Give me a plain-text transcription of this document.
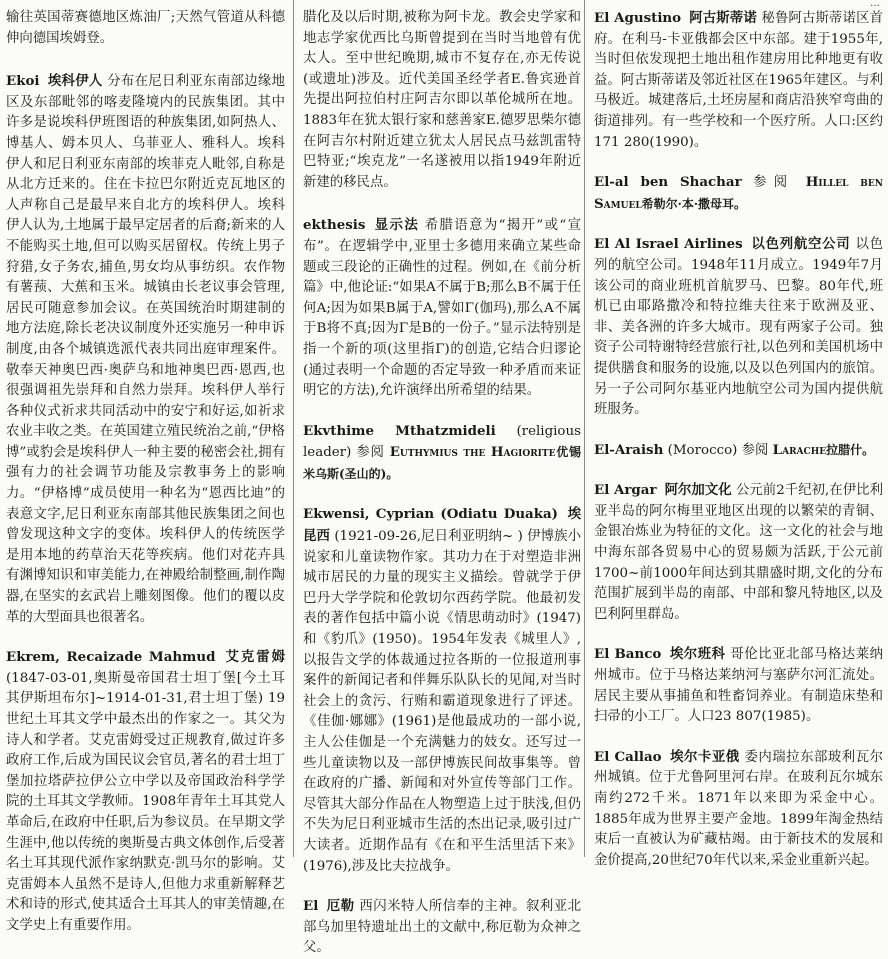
…

输往英国蒂赛德地区炼油厂;天然气管道从科德伸向德国埃姆登。

Ekoi 埃科伊人 分布在尼日利亚东南部边缘地区及东部毗邻的喀麦隆境内的民族集团。其中许多是说埃科伊班图语的种族集团,如阿热人、博基人、姆本贝人、乌菲亚人、雅科人。埃科伊人和尼日利亚东南部的埃菲克人毗邻,自称是从北方迁来的。住在卡拉巴尔附近克瓦地区的人声称自己是最早来自北方的埃科伊人。埃科伊人认为,土地属于最早定居者的后裔;新来的人不能购买土地,但可以购买居留权。传统上男子狩猎,女子务农,捕鱼,男女均从事纺织。农作物有薯蓣、大蕉和玉米。城镇由长老议事会管理,居民可随意参加会议。在英国统治时期建制的地方法庭,除长老决议制度外还实施另一种申诉制度,由各个城镇选派代表共同出庭审理案件。敬奉天神奥巴西·奥萨乌和地神奥巴西·恩西,也很强调祖先崇拜和自然力崇拜。埃科伊人举行各种仪式祈求共同活动中的安宁和好运,如祈求农业丰收之类。在英国建立殖民统治之前,“伊格博”或豹会是埃科伊人一种主要的秘密会社,拥有强有力的社会调节功能及宗教事务上的影响力。“伊格博”成员使用一种名为“恩西比迪”的表意文字,尼日利亚东南部其他民族集团之间也曾发现这种文字的变体。埃科伊人的传统医学是用本地的药草治天花等疾病。他们对花卉具有渊博知识和审美能力,在神殿给制整画,制作陶器,在坚实的玄武岩上雕刻图像。他们的覆以皮革的大型面具也很著名。

Ekrem, Recaizade Mahmud 艾克雷姆 (1847-03-01,奥斯曼帝国君士坦丁堡[今土耳其伊斯坦布尔]~1914-01-31,君士坦丁堡) 19世纪土耳其文学中最杰出的作家之一。其父为诗人和学者。艾克雷姆受过正规教育,做过许多政府工作,后成为国民议会官员,著名的君士坦丁堡加拉塔萨拉伊公立中学以及帝国政治科学学院的土耳其文学教师。1908年青年土耳其党人革命后,在政府中任职,后为参议员。在早期文学生涯中,他以传统的奥斯曼古典文体创作,后受著名土耳其现代派作家纳默克·凯马尔的影响。艾克雷姆本人虽然不是诗人,但他力求重新解释艺术和诗的形式,使其适合土耳其人的审美情趣,在文学史上有重要作用。

腊化及以后时期,被称为阿卡龙。教会史学家和地志学家优西比乌斯曾提到在当时当地曾有优太人。至中世纪晚期,城市不复存在,亦无传说(或遗址)涉及。近代美国圣经学者E.鲁宾逊首先提出阿拉伯村庄阿吉尔即以革伦城所在地。1883年在犹太银行家和慈善家E.德罗思柴尔德在阿吉尔村附近建立犹太人居民点马兹凯雷特巴特亚;“埃克龙”一名遂被用以指1949年附近新建的移民点。

ekthesis 显示法 希腊语意为“揭开”或“宣布”。在逻辑学中,亚里士多德用来确立某些命题或三段论的正确性的过程。例如,在《前分析篇》中,他论证:“如果A不属于B;那么B不属于任何A;因为如果B属于A,譬如Γ(伽玛),那么A不属于B将不真;因为Γ是B的一份子。”显示法特别是指一个新的项(这里指Γ)的创造,它结合归谬论(通过表明一个命题的否定导致一种矛盾而来证明它的方法),允许演绎出所希望的结果。

Ekvthime Mthatzmideli (religious leader) 参阅 Euthymius the Hagiorite优锡米乌斯(圣山的)。

Ekwensi, Cyprian (Odiatu Duaka) 埃昆西 (1921-09-26,尼日利亚明纳~ ) 伊博族小说家和儿童读物作家。其功力在于对塑造非洲城市居民的力量的现实主义描绘。曾就学于伊巴丹大学学院和伦敦切尔西药学院。他最初发表的著作包括中篇小说《情思萌动时》(1947)和《豹爪》(1950)。1954年发表《城里人》,以报告文学的体裁通过拉各斯的一位报道刑事案件的新闻记者和伴舞乐队队长的见闻,对当时社会上的贪污、行贿和霸道现象进行了评述。《佳伽·娜娜》(1961)是他最成功的一部小说,主人公佳伽是一个充满魅力的妓女。还写过一些儿童读物以及一部伊博族民间故事集等。曾在政府的广播、新闻和对外宣传等部门工作。尽管其大部分作品在人物塑造上过于肤浅,但仍不失为尼日利亚城市生活的杰出记录,吸引过广大读者。近期作品有《在和平生活里活下来》(1976),涉及比夫拉战争。

El 厄勒 西闪米特人所信奉的主神。叙利亚北部乌加里特遗址出土的文献中,称厄勒为众神之父。

El Agustino 阿古斯蒂诺 秘鲁阿古斯蒂诺区首府。在利马-卡亚俄都会区中东部。建于1955年,当时但依发现把土地出租作建房用比种地更有收益。阿古斯蒂诺及邻近社区在1965年建区。与利马极近。城建落后,土坯房屋和商店沿狭窄弯曲的街道排列。有一些学校和一个医疗所。人口:区约171 280(1990)。

El-al ben Shachar 参阅 Hillel ben Samuel希勒尔·本·撒母耳。

El Al Israel Airlines 以色列航空公司 以色列的航空公司。1948年11月成立。1949年7月该公司的商业班机首航罗马、巴黎。80年代,班机已由耶路撒冷和特拉维夫往来于欧洲及亚、非、美各洲的许多大城市。现有两家子公司。独资子公司特谢特经营旅行社,以色列和美国机场中提供膳食和服务的设施,以及以色列国内的旅馆。另一子公司阿尔基亚内地航空公司为国内提供航班服务。

El-Araish (Morocco) 参阅 Larache拉腊什。

El Argar 阿尔加文化 公元前2千纪初,在伊比利亚半岛的阿尔梅里亚地区出现的以繁荣的青铜、金银冶炼业为特征的文化。这一文化的社会与地中海东部各贸易中心的贸易颇为活跃,于公元前1700~前1000年间达到其鼎盛时期,文化的分布范围扩展到半岛的南部、中部和黎凡特地区,以及巴利阿里群岛。

El Banco 埃尔班科 哥伦比亚北部马格达莱纳州城市。位于马格达莱纳河与塞萨尔河汇流处。居民主要从事捕鱼和牲畜饲养业。有制造床垫和扫帚的小工厂。人口23 807(1985)。

El Callao 埃尔卡亚俄 委内瑞拉东部玻利瓦尔州城镇。位于尤鲁阿里河右岸。在玻利瓦尔城东南约272千米。1871年以来即为采金中心。1885年成为世界主要产金地。1899年淘金热结束后一直被认为矿藏枯竭。由于新技术的发展和金价提高,20世纪70年代以来,采金业重新兴起。
